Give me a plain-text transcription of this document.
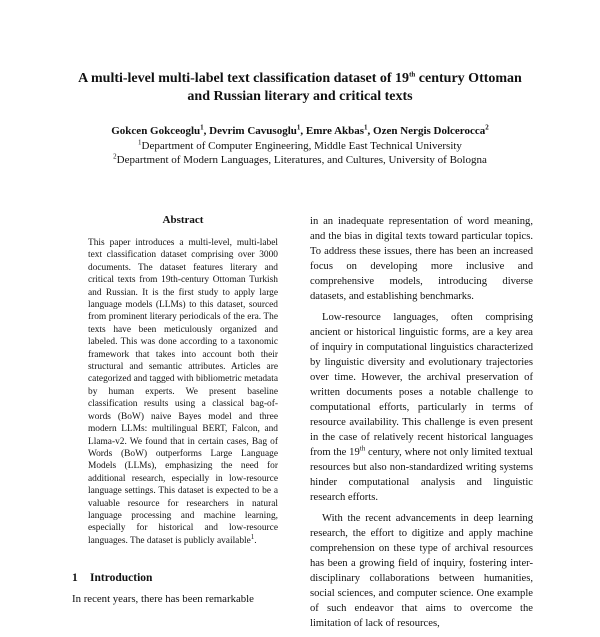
A multi-level multi-label text classification dataset of 19th century Ottoman
and Russian literary and critical texts
Gokcen Gokceoglu$^1$, Devrim Cavusoglu$^1$, Emre Akbas$^1$, Ozen Nergis Dolcerocca$^2$
$^1$Department of Computer Engineering, Middle East Technical University
$^2$Department of Modern Languages, Literatures, and Cultures, University of Bologna
Abstract
This paper introduces a multi-level, multi-label text classification dataset comprising over 3000 documents. The dataset features literary and critical texts from 19th-century Ottoman Turkish and Russian. It is the first study to apply large language models (LLMs) to this dataset, sourced from prominent literary periodicals of the era. The texts have been meticulously organized and labeled. This was done according to a taxonomic framework that takes into account both their structural and semantic attributes. Articles are categorized and tagged with bibliometric metadata by human experts. We present baseline classification results using a classical bag-of-words (BoW) naive Bayes model and three modern LLMs: multilingual BERT, Falcon, and Llama-v2. We found that in certain cases, Bag of Words (BoW) outperforms Large Language Models (LLMs), emphasizing the need for additional research, especially in low-resource language settings. This dataset is expected to be a valuable resource for researchers in natural language processing and machine learning, especially for historical and low-resource languages. The dataset is publicly available$^1$.
1 Introduction
In recent years, there has been remarkable

in an inadequate representation of word meaning, and the bias in digital texts toward particular topics. To address these issues, there has been an increased focus on developing more inclusive and comprehensive models, introducing diverse datasets, and establishing benchmarks.

Low-resource languages, often comprising ancient or historical linguistic forms, are a key area of inquiry in computational linguistics characterized by linguistic diversity and evolutionary trajectories over time. However, the archival preservation of written documents poses a notable challenge to computational efforts, particularly in terms of resource availability. This challenge is even present in the case of relatively recent historical languages from the 19th century, where not only limited textual resources but also non-standardized writing systems hinder computational analysis and linguistic research efforts.

With the recent advancements in deep learning research, the effort to digitize and apply machine comprehension on these type of archival resources has been a growing field of inquiry, fostering inter-disciplinary collaborations between humanities, social sciences, and computer science. One example of such endeavor that aims to overcome the limitation of lack of resources,
